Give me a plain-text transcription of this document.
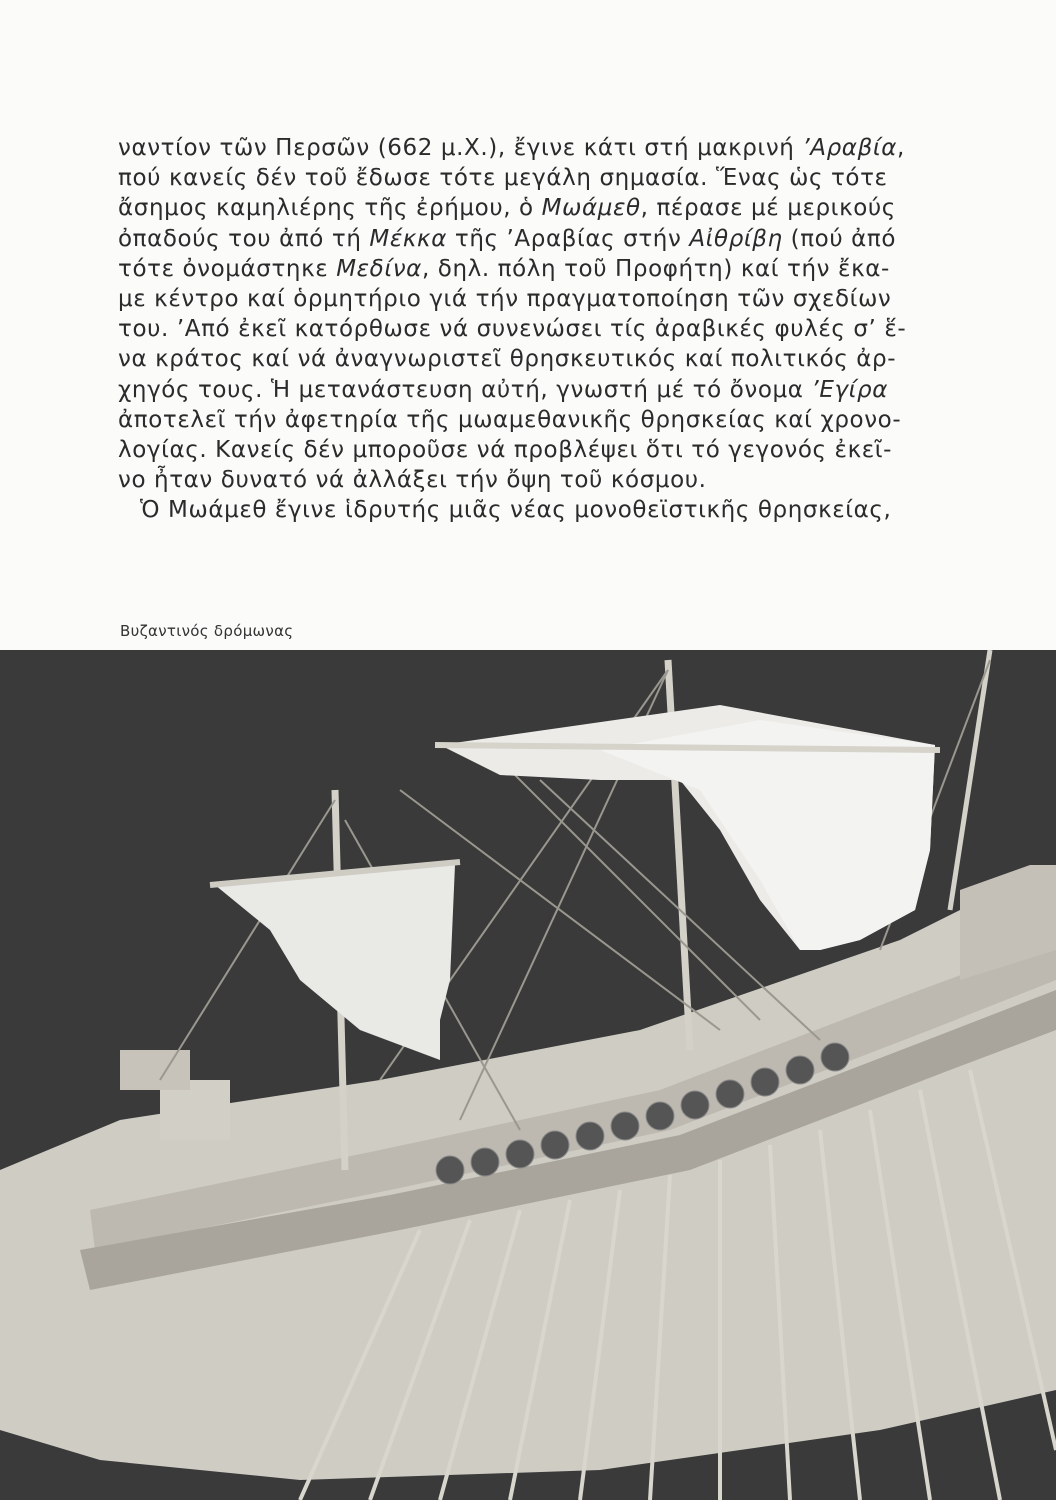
ναντίον τῶν Περσῶν (662 μ.Χ.), ἔγινε κάτι στή μακρινή ’Αραβία,
πού κανείς δέν τοῦ ἔδωσε τότε μεγάλη σημασία. Ἕνας ὡς τότε
ἄσημος καμηλιέρης τῆς ἐρήμου, ὁ Μωάμεθ, πέρασε μέ μερικούς
ὀπαδούς του ἀπό τή Μέκκα τῆς ’Αραβίας στήν Αἰθρίβη (πού ἀπό
τότε ὀνομάστηκε Μεδίνα, δηλ. πόλη τοῦ Προφήτη) καί τήν ἔκα-
με κέντρο καί ὁρμητήριο γιά τήν πραγματοποίηση τῶν σχεδίων
του. ’Από ἐκεῖ κατόρθωσε νά συνενώσει τίς ἀραβικές φυλές σ’ ἕ-
να κράτος καί νά ἀναγνωριστεῖ θρησκευτικός καί πολιτικός ἀρ-
χηγός τους. Ἡ μετανάστευση αὐτή, γνωστή μέ τό ὄνομα ’Εγίρα
ἀποτελεῖ τήν ἀφετηρία τῆς μωαμεθανικῆς θρησκείας καί χρονο-
λογίας. Κανείς δέν μποροῦσε νά προβλέψει ὅτι τό γεγονός ἐκεῖ-
νο ἦταν δυνατό νά ἀλλάξει τήν ὄψη τοῦ κόσμου.
Ὁ Μωάμεθ ἔγινε ἱδρυτής μιᾶς νέας μονοθεϊστικῆς θρησκείας,
Βυζαντινός δρόμωνας
